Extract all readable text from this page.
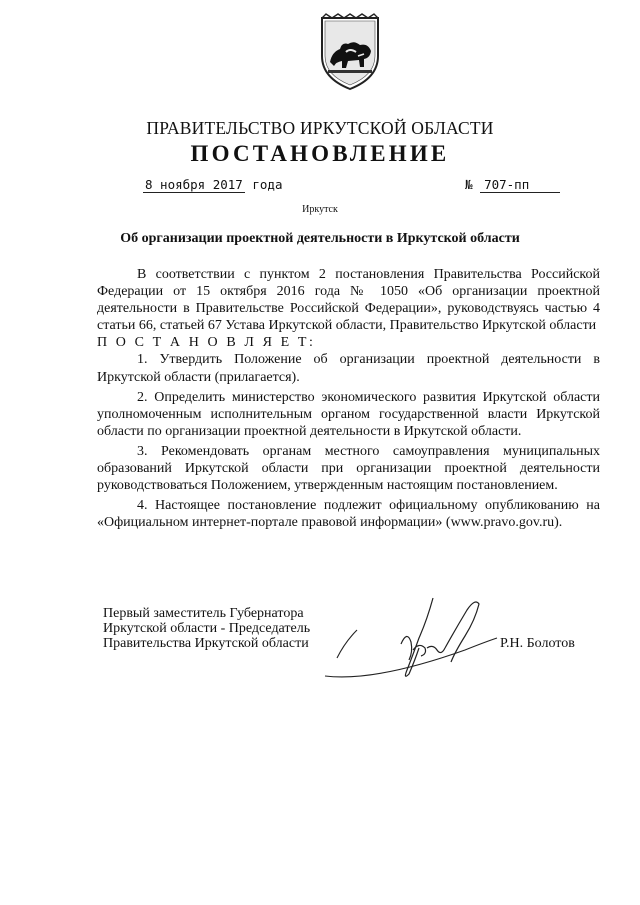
ПРАВИТЕЛЬСТВО ИРКУТСКОЙ ОБЛАСТИ
ПОСТАНОВЛЕНИЕ
8 ноября 2017 года	№ 707-пп
Иркутск
Об организации проектной деятельности в Иркутской области

В соответствии с пунктом 2 постановления Правительства Российской Федерации от 15 октября 2016 года № 1050 «Об организации проектной деятельности в Правительстве Российской Федерации», руководствуясь частью 4 статьи 66, статьей 67 Устава Иркутской области, Правительство Иркутской области

П О С Т А Н О В Л Я Е Т:

1. Утвердить Положение об организации проектной деятельности в Иркутской области (прилагается).

2. Определить министерство экономического развития Иркутской области уполномоченным исполнительным органом государственной власти Иркутской области по организации проектной деятельности в Иркутской области.

3. Рекомендовать органам местного самоуправления муниципальных образований Иркутской области при организации проектной деятельности руководствоваться Положением, утвержденным настоящим постановлением.

4. Настоящее постановление подлежит официальному опубликованию на «Официальном интернет-портале правовой информации» (www.pravo.gov.ru).

Первый заместитель Губернатора
Иркутской области - Председатель
Правительства Иркутской области	Р.Н. Болотов
